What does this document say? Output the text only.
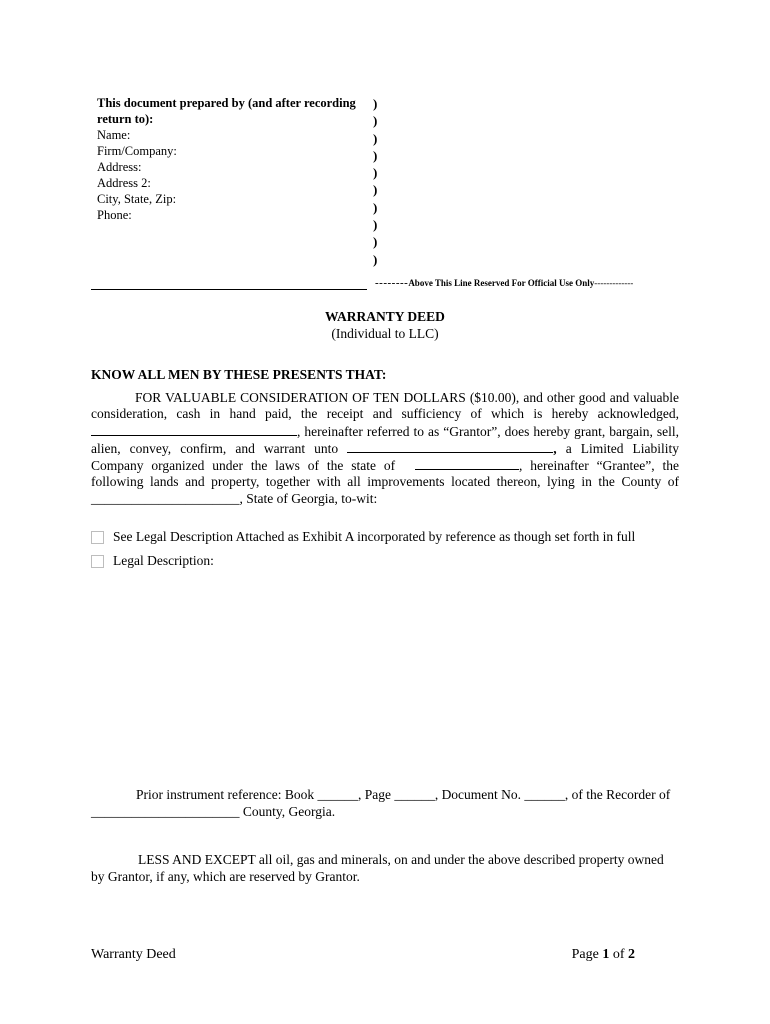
This document prepared by (and after recording return to):
Name:
Firm/Company:
Address:
Address 2:
City, State, Zip:
Phone:
)
)
)
)
)
)
)
)
)
)
--------Above This Line Reserved For Official Use Only-------------
WARRANTY DEED
(Individual to LLC)
KNOW ALL MEN BY THESE PRESENTS THAT:
FOR VALUABLE CONSIDERATION OF TEN DOLLARS ($10.00), and other good and valuable consideration, cash in hand paid, the receipt and sufficiency of which is hereby acknowledged, , hereinafter referred to as “Grantor”, does hereby grant, bargain, sell, alien, convey, confirm, and warrant unto	, a Limited Liability Company organized under the laws of the state of	, hereinafter “Grantee”, the following lands and property, together with all improvements located thereon, lying in the County of ______________________, State of Georgia, to-wit:
See Legal Description Attached as Exhibit A incorporated by reference as though set forth in full
Legal Description:
Prior instrument reference: Book ______, Page ______, Document No. ______, of the Recorder of
______________________ County, Georgia.
LESS AND EXCEPT all oil, gas and minerals, on and under the above described property owned
by Grantor, if any, which are reserved by Grantor.
Warranty Deed	Page 1 of 2
